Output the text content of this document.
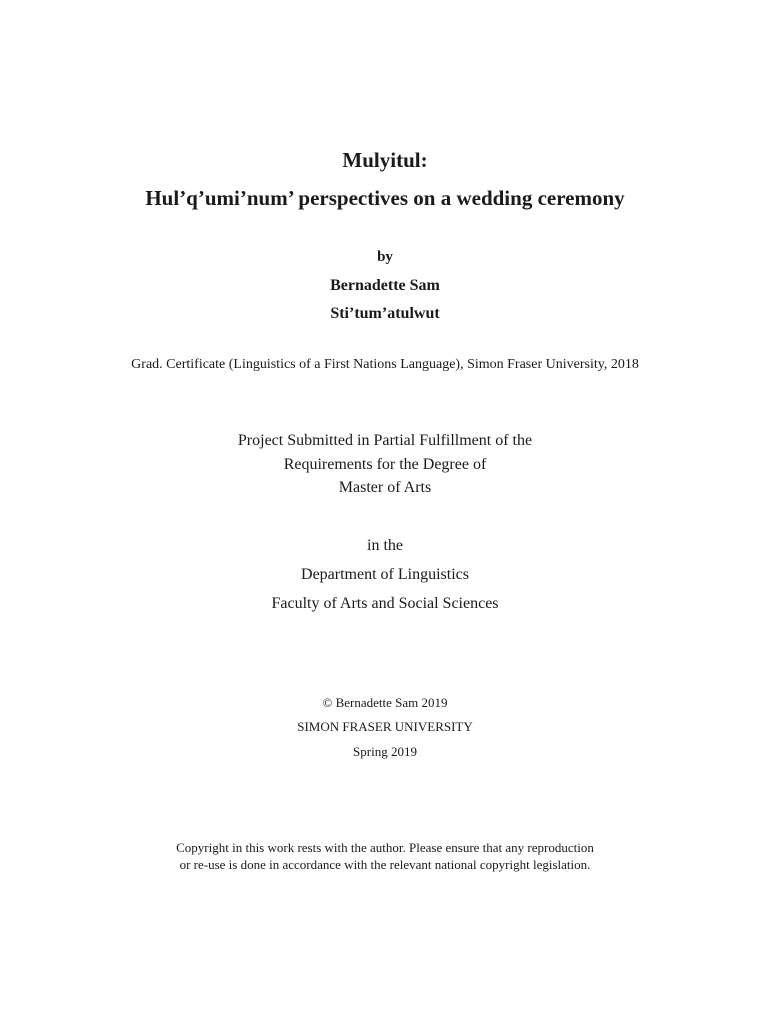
Mulyitul:
Hul’q’umi’num’ perspectives on a wedding ceremony
by
Bernadette Sam
Sti’tum’atulwut
Grad. Certificate (Linguistics of a First Nations Language), Simon Fraser University, 2018
Project Submitted in Partial Fulfillment of the
Requirements for the Degree of
Master of Arts
in the
Department of Linguistics
Faculty of Arts and Social Sciences
© Bernadette Sam 2019
SIMON FRASER UNIVERSITY
Spring 2019
Copyright in this work rests with the author. Please ensure that any reproduction
or re-use is done in accordance with the relevant national copyright legislation.
